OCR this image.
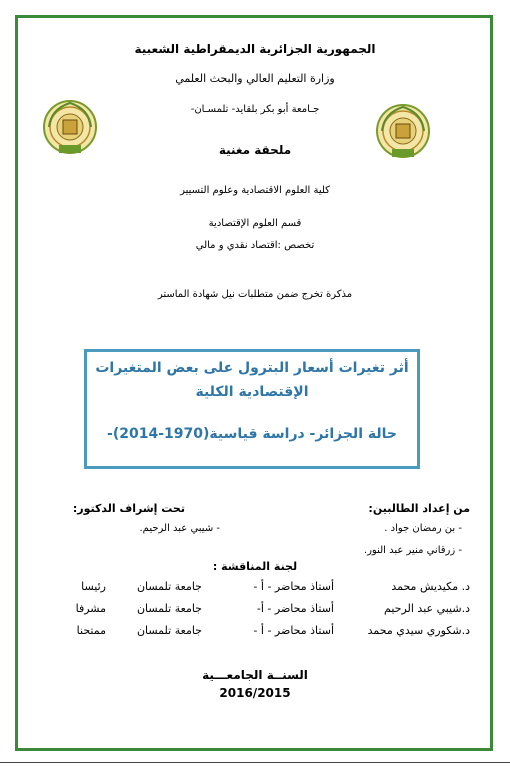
الجمهورية الجزائرية الديمقراطية الشعبية
وزارة التعليم العالي والبحث العلمي
جـامعة أبو بكر بلقايد- تلمسـان-
ملحقة مغنية
كلية العلوم الاقتصادية وعلوم التسيير
قسم العلوم الإقتصادية
تخصص :اقتصاد نقدي و مالي
مذكرة تخرج ضمن متطلبات نيل شهادة الماستر
أثر تغيرات أسعار البترول على بعض المتغيرات
الإقتصادية الكلية
حالة الجزائر- دراسة قياسية(1970-2014)-
من إعداد الطالبين:
- بن رمضان جواد .
- زرقاني منير عبد النور.
تحت إشراف الدكتور:
- شيبي عبد الرحيم.
لجنة المناقشة :
د. مكيديش محمد
أستاذ محاضر - أ -
جامعة تلمسان
رئيسا
د.شيبي عبد الرحيم
أستاذ محاضر - أ-
جامعة تلمسان
مشرفا
د.شكوري سيدي محمد
أستاذ محاضر - أ -
جامعة تلمسان
ممتحنا
السنــة الجامعـــية
2016/2015
